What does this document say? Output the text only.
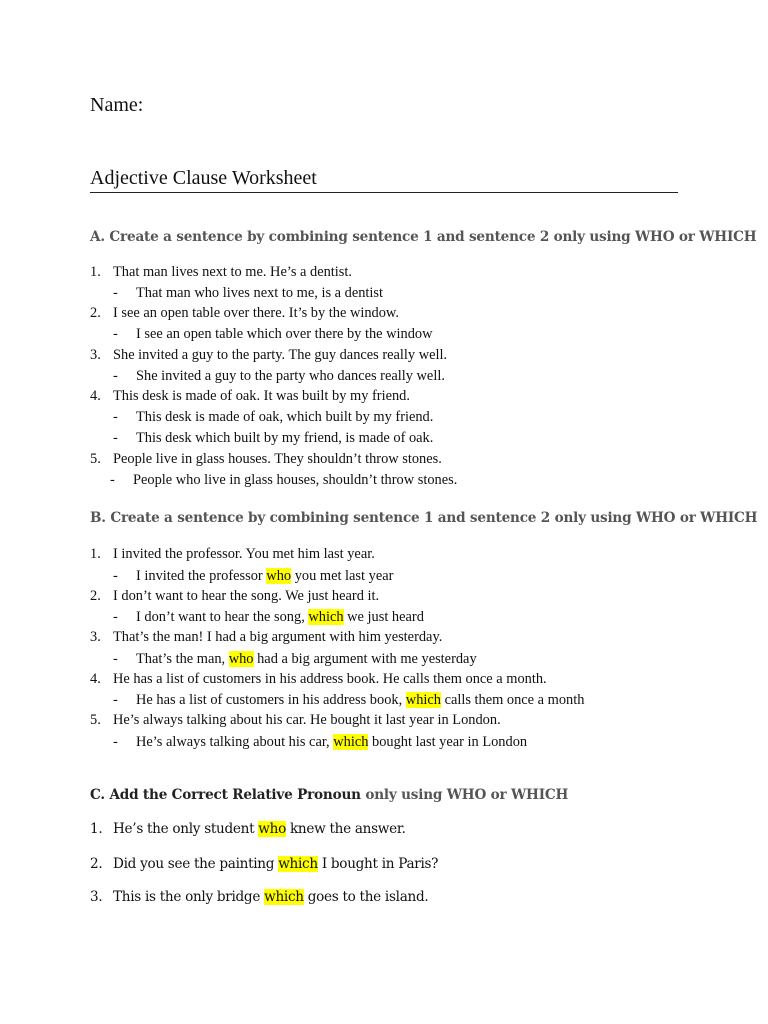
Name:
Adjective Clause Worksheet
A. Create a sentence by combining sentence 1 and sentence 2 only using WHO or WHICH
1. That man lives next to me. He’s a dentist.
- That man who lives next to me, is a dentist
2. I see an open table over there. It’s by the window.
- I see an open table which over there by the window
3. She invited a guy to the party. The guy dances really well.
- She invited a guy to the party who dances really well.
4. This desk is made of oak. It was built by my friend.
- This desk is made of oak, which built by my friend.
- This desk which built by my friend, is made of oak.
5. People live in glass houses. They shouldn’t throw stones.
- People who live in glass houses, shouldn’t throw stones.
B. Create a sentence by combining sentence 1 and sentence 2 only using WHO or WHICH
1. I invited the professor. You met him last year.
- I invited the professor who you met last year
2. I don’t want to hear the song. We just heard it.
- I don’t want to hear the song, which we just heard
3. That’s the man! I had a big argument with him yesterday.
- That’s the man, who had a big argument with me yesterday
4. He has a list of customers in his address book. He calls them once a month.
- He has a list of customers in his address book, which calls them once a month
5. He’s always talking about his car. He bought it last year in London.
- He’s always talking about his car, which bought last year in London
C. Add the Correct Relative Pronoun only using WHO or WHICH
1. He’s the only student who knew the answer.
2. Did you see the painting which I bought in Paris?
3. This is the only bridge which goes to the island.
